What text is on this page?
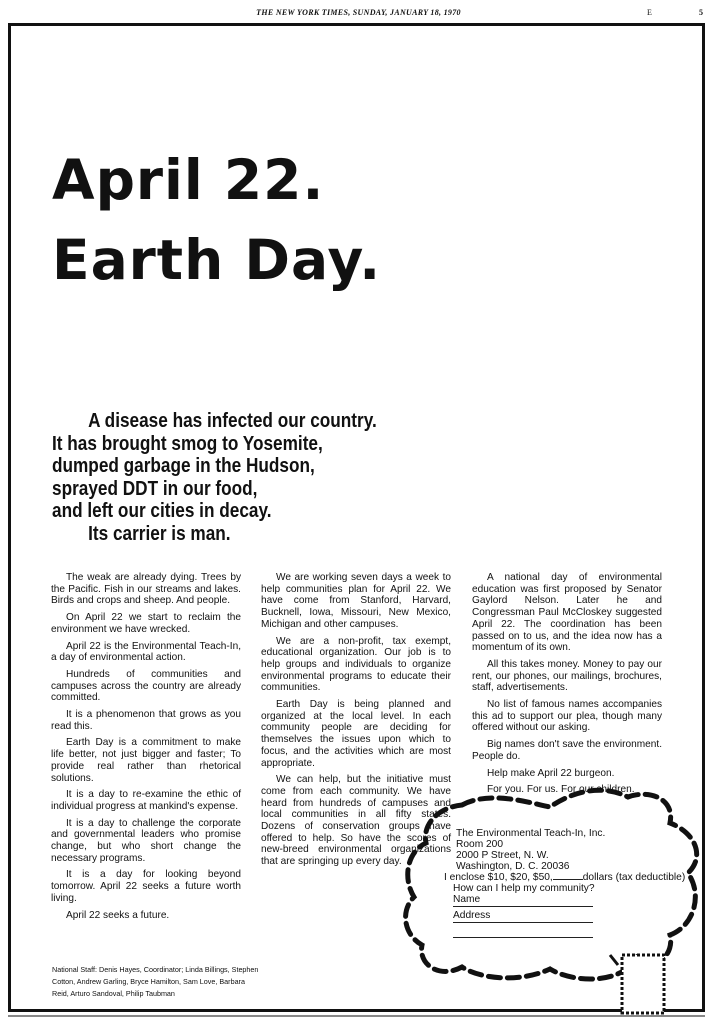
THE NEW YORK TIMES, SUNDAY, JANUARY 18, 1970	E	5
April 22.
Earth Day.
A disease has infected our country.
It has brought smog to Yosemite,
dumped garbage in the Hudson,
sprayed DDT in our food,
and left our cities in decay.
Its carrier is man.

The weak are already dying. Trees by the Pacific. Fish in our streams and lakes. Birds and crops and sheep. And people.

On April 22 we start to reclaim the environment we have wrecked.

April 22 is the Environmental Teach-In, a day of environmental action.

Hundreds of communities and campuses across the country are already committed.

It is a phenomenon that grows as you read this.

Earth Day is a commitment to make life better, not just bigger and faster; To provide real rather than rhetorical solutions.

It is a day to re-examine the ethic of individual progress at mankind's expense.

It is a day to challenge the corporate and governmental leaders who promise change, but who short change the necessary programs.

It is a day for looking beyond tomorrow. April 22 seeks a future worth living.

April 22 seeks a future.

We are working seven days a week to help communities plan for April 22. We have come from Stanford, Harvard, Bucknell, Iowa, Missouri, New Mexico, Michigan and other campuses.

We are a non-profit, tax exempt, educational organization. Our job is to help groups and individuals to organize environmental programs to educate their communities.

Earth Day is being planned and organized at the local level. In each community people are deciding for themselves the issues upon which to focus, and the activities which are most appropriate.

We can help, but the initiative must come from each community. We have heard from hundreds of campuses and local communities in all fifty states. Dozens of conservation groups have offered to help. So have the scores of new-breed environmental organizations that are springing up every day.

A national day of environmental education was first proposed by Senator Gaylord Nelson. Later he and Congressman Paul McCloskey suggested April 22. The coordination has been passed on to us, and the idea now has a momentum of its own.

All this takes money. Money to pay our rent, our phones, our mailings, brochures, staff, advertisements.

No list of famous names accompanies this ad to support our plea, though many offered without our asking.

Big names don't save the environment. People do.

Help make April 22 burgeon.

For you. For us. For our children.

National Staff: Denis Hayes, Coordinator; Linda Billings, Stephen Cotton, Andrew Garling, Bryce Hamilton, Sam Love, Barbara Reid, Arturo Sandoval, Philip Taubman
The Environmental Teach-In, Inc.
Room 200
2000 P Street, N. W.
Washington, D. C. 20036
I enclose $10, $20, $50,	dollars (tax deductible)
How can I help my community?
Name
Address
